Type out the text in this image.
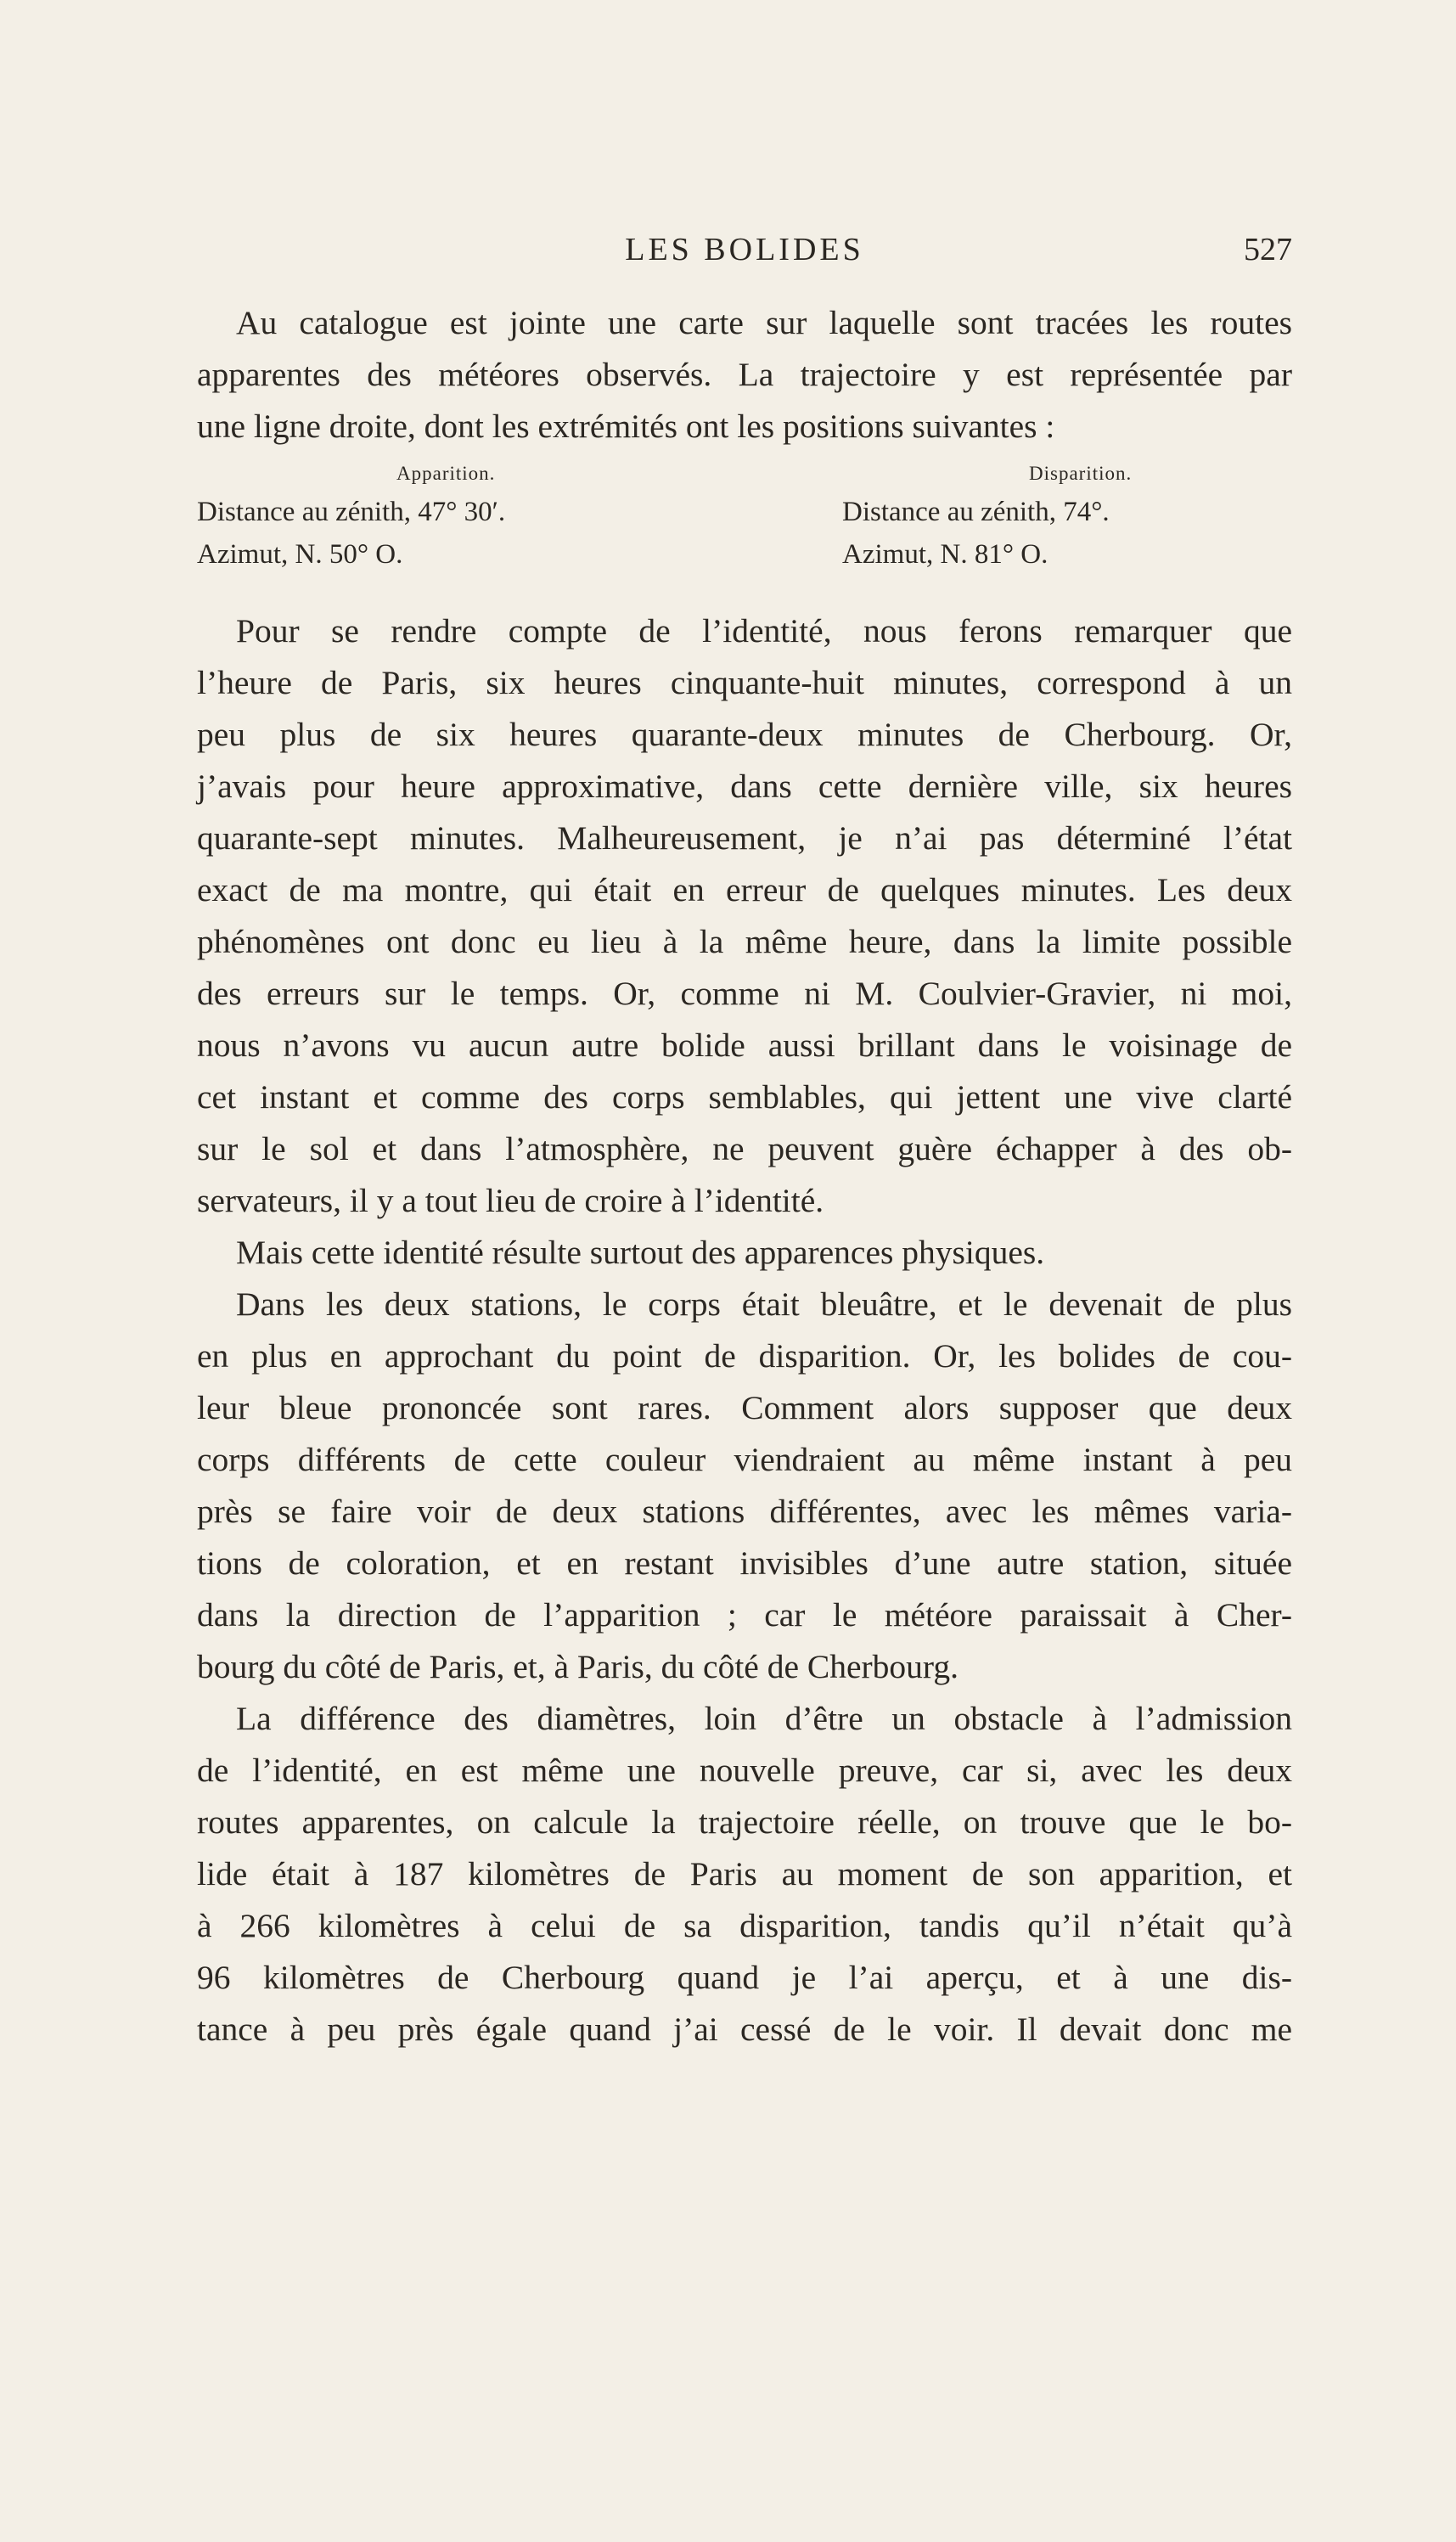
LES BOLIDES	527
Au catalogue est jointe une carte sur laquelle sont tracées les routes
apparentes des météores observés. La trajectoire y est représentée par
une ligne droite, dont les extrémités ont les positions suivantes :
Apparition.
Distance au zénith, 47° 30′.
Azimut, N. 50° O.
Disparition.
Distance au zénith, 74°.
Azimut, N. 81° O.
Pour se rendre compte de l’identité, nous ferons remarquer que
l’heure de Paris, six heures cinquante-huit minutes, correspond à un
peu plus de six heures quarante-deux minutes de Cherbourg. Or,
j’avais pour heure approximative, dans cette dernière ville, six heures
quarante-sept minutes. Malheureusement, je n’ai pas déterminé l’état
exact de ma montre, qui était en erreur de quelques minutes. Les deux
phénomènes ont donc eu lieu à la même heure, dans la limite possible
des erreurs sur le temps. Or, comme ni M. Coulvier-Gravier, ni moi,
nous n’avons vu aucun autre bolide aussi brillant dans le voisinage de
cet instant et comme des corps semblables, qui jettent une vive clarté
sur le sol et dans l’atmosphère, ne peuvent guère échapper à des ob-
servateurs, il y a tout lieu de croire à l’identité.
Mais cette identité résulte surtout des apparences physiques.
Dans les deux stations, le corps était bleuâtre, et le devenait de plus
en plus en approchant du point de disparition. Or, les bolides de cou-
leur bleue prononcée sont rares. Comment alors supposer que deux
corps différents de cette couleur viendraient au même instant à peu
près se faire voir de deux stations différentes, avec les mêmes varia-
tions de coloration, et en restant invisibles d’une autre station, située
dans la direction de l’apparition ; car le météore paraissait à Cher-
bourg du côté de Paris, et, à Paris, du côté de Cherbourg.
La différence des diamètres, loin d’être un obstacle à l’admission
de l’identité, en est même une nouvelle preuve, car si, avec les deux
routes apparentes, on calcule la trajectoire réelle, on trouve que le bo-
lide était à 187 kilomètres de Paris au moment de son apparition, et
à 266 kilomètres à celui de sa disparition, tandis qu’il n’était qu’à
96 kilomètres de Cherbourg quand je l’ai aperçu, et à une dis-
tance à peu près égale quand j’ai cessé de le voir. Il devait donc me
